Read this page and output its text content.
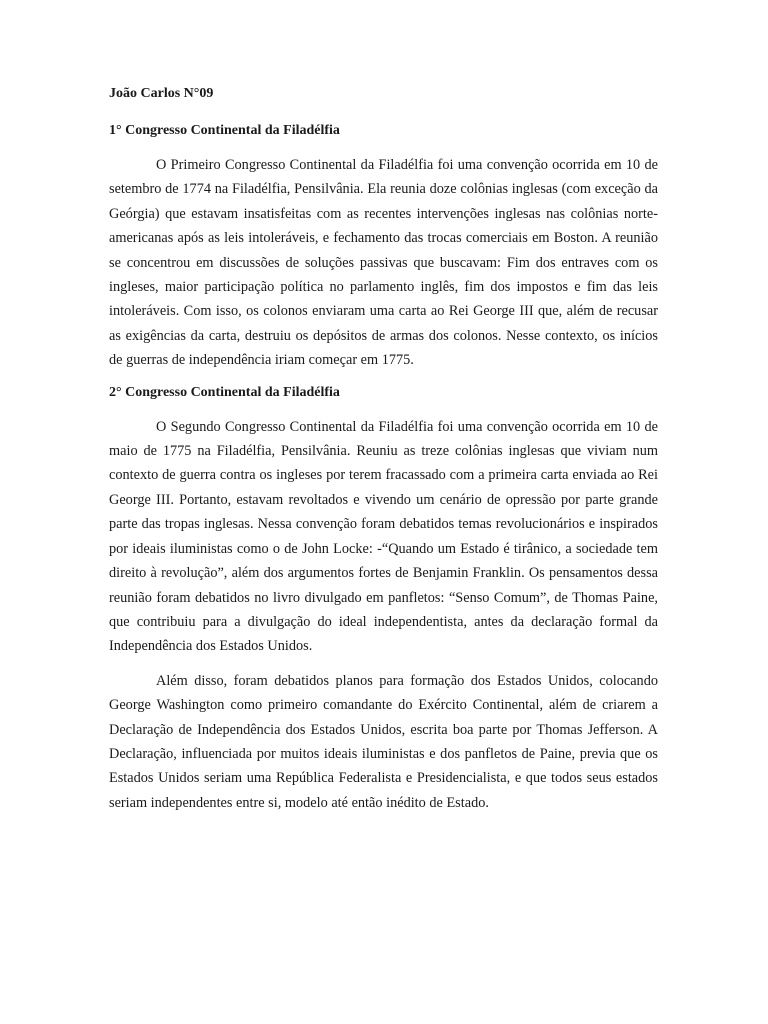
João Carlos N°09
1° Congresso Continental da Filadélfia

O Primeiro Congresso Continental da Filadélfia foi uma convenção ocorrida em 10 de setembro de 1774 na Filadélfia, Pensilvânia. Ela reunia doze colônias inglesas (com exceção da Geórgia) que estavam insatisfeitas com as recentes intervenções inglesas nas colônias norte-americanas após as leis intoleráveis, e fechamento das trocas comerciais em Boston. A reunião se concentrou em discussões de soluções passivas que buscavam: Fim dos entraves com os ingleses, maior participação política no parlamento inglês, fim dos impostos e fim das leis intoleráveis. Com isso, os colonos enviaram uma carta ao Rei George III que, além de recusar as exigências da carta, destruiu os depósitos de armas dos colonos. Nesse contexto, os inícios de guerras de independência iriam começar em 1775.

2° Congresso Continental da Filadélfia

O Segundo Congresso Continental da Filadélfia foi uma convenção ocorrida em 10 de maio de 1775 na Filadélfia, Pensilvânia. Reuniu as treze colônias inglesas que viviam num contexto de guerra contra os ingleses por terem fracassado com a primeira carta enviada ao Rei George III. Portanto, estavam revoltados e vivendo um cenário de opressão por parte grande parte das tropas inglesas. Nessa convenção foram debatidos temas revolucionários e inspirados por ideais iluministas como o de John Locke: -“Quando um Estado é tirânico, a sociedade tem direito à revolução”, além dos argumentos fortes de Benjamin Franklin. Os pensamentos dessa reunião foram debatidos no livro divulgado em panfletos: “Senso Comum”, de Thomas Paine, que contribuiu para a divulgação do ideal independentista, antes da declaração formal da Independência dos Estados Unidos.

Além disso, foram debatidos planos para formação dos Estados Unidos, colocando George Washington como primeiro comandante do Exército Continental, além de criarem a Declaração de Independência dos Estados Unidos, escrita boa parte por Thomas Jefferson. A Declaração, influenciada por muitos ideais iluministas e dos panfletos de Paine, previa que os Estados Unidos seriam uma República Federalista e Presidencialista, e que todos seus estados seriam independentes entre si, modelo até então inédito de Estado.
